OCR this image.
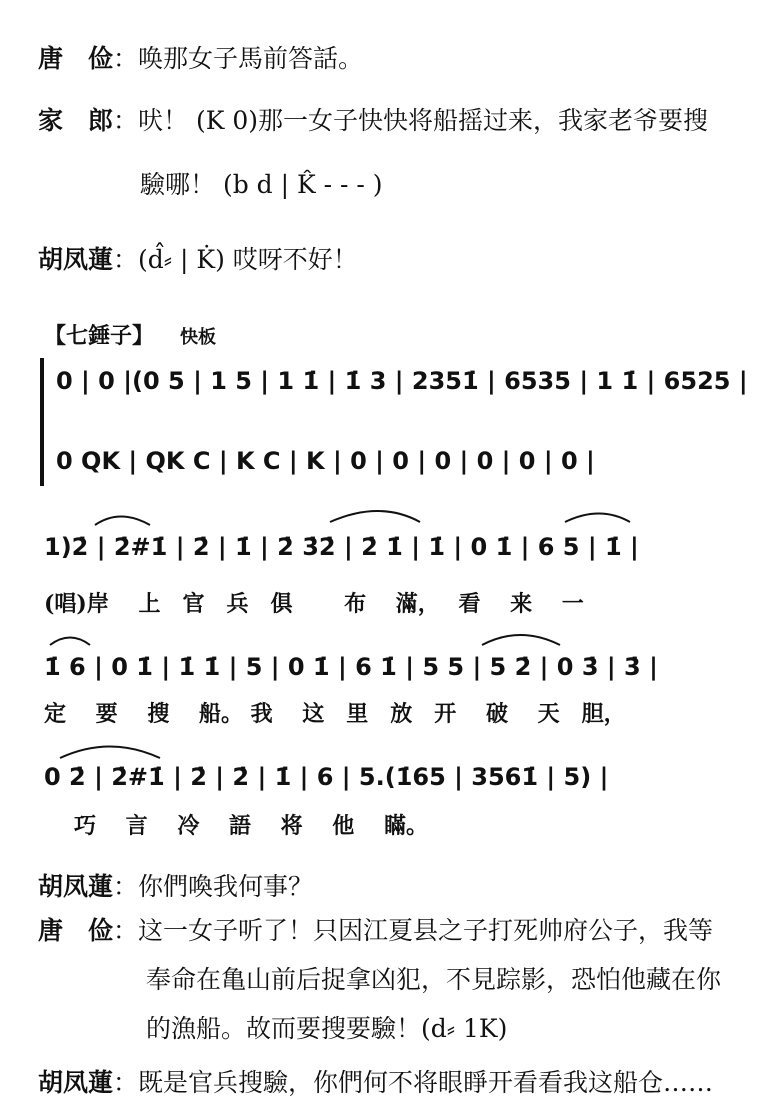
唐　俭：唤那女子馬前答話。
家　郎：吠！ (K 0)那一女子快快将船摇过来，我家老爷要搜
驗哪！ (b d | K̂ - - - )
胡凤蓮：(d̂⸗ | K̇) 哎呀不好！
【七錘子】 快板
0 | 0 |(0 5 | 1 5 | 1 1̇ | 1̇ 3 | 2351̇ | 6535 | 1 1̇ | 6525 |
0 QK | QK C | K C | K | 0 | 0 | 0 | 0 | 0 | 0 |
1)2̇ | 2̇#1̇ | 2̇ | 1̇ | 2̇ 3̇2̇ | 2̇ 1̇ | 1̇ | 0 1̇ | 6 5 | 1̇ |
(唱)岸　 上　官　兵　俱　　 布　 滿，　 看　 来　 一
1̇ 6 | 0 1̇ | 1̇ 1̇ | 5 | 0 1̇ | 6 1̇ | 5 5 | 5 2̇ | 0 3̇ | 3̇ |
定　 要　 搜　 船。 我　 这　里　放　开　 破　 天　胆，
0 2̇ | 2̇#1̇ | 2̇ | 2̇ | 1̇ | 6 | 5.(1̇65 | 3561̇ | 5) |
巧　 言　 冷　 語　 将　 他　 瞞。
胡凤蓮：你們喚我何事？
唐　俭：这一女子听了！只因江夏县之子打死帅府公子，我等
奉命在亀山前后捉拿凶犯，不見踪影，恐怕他藏在你
的漁船。故而要搜要驗！(d⸗ 1K)
胡凤蓮：既是官兵搜驗，你們何不将眼睜开看看我这船仓……
